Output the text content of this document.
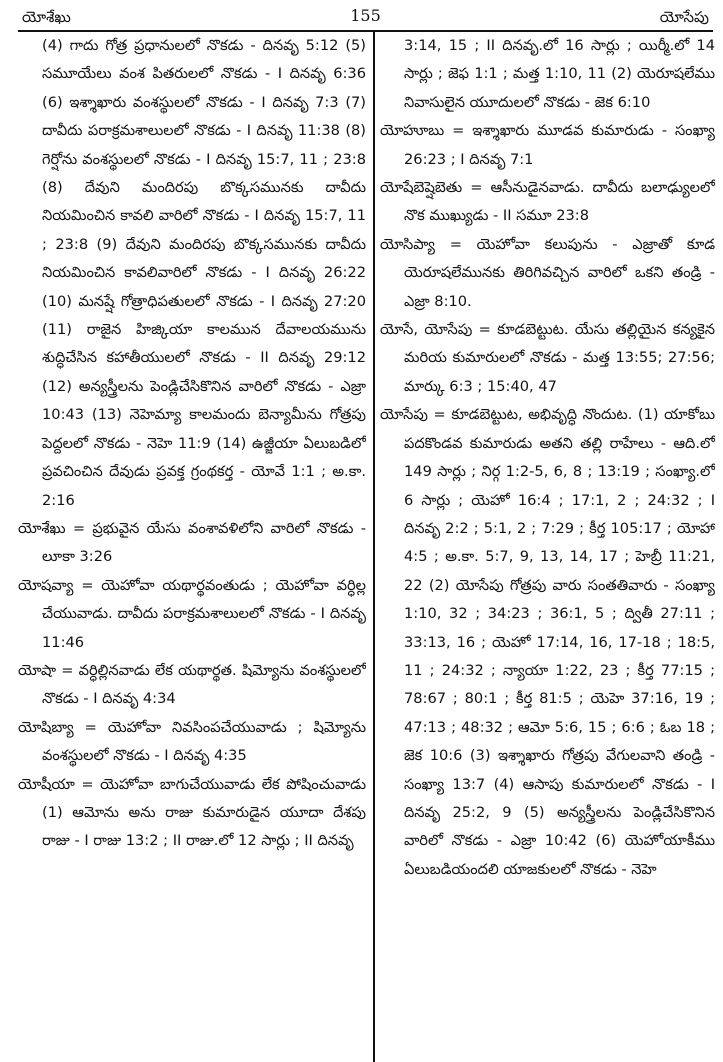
యోశేఖు	155	యోసేపు

(4) గాదు గోత్ర ప్రధానులలో నొకడు - దినవృ 5:12 (5) సమూయేలు వంశ పితరులలో నొకడు - I దినవృ 6:36 (6) ఇశ్శాఖారు వంశస్థులలో నొకడు - I దినవృ 7:3 (7) దావీదు పరాక్రమశాలులలో నొకడు - I దినవృ 11:38 (8) గెర్షోను వంశస్థులలో నొకడు - I దినవృ 15:7, 11 ; 23:8 (8) దేవుని మందిరపు బొక్కసమునకు దావీదు నియమించిన కావలి వారిలో నొకడు - I దినవృ 15:7, 11 ; 23:8 (9) దేవుని మందిరపు బొక్కసమునకు దావీదు నియమించిన కావలివారిలో నొకడు - I దినవృ 26:22 (10) మనష్షే గోత్రాధిపతులలో నొకడు - I దినవృ 27:20 (11) రాజైన హిజ్కియా కాలమున దేవాలయమును శుద్ధిచేసిన కహాతీయులలో నొకడు - II దినవృ 29:12 (12) అన్యస్త్రీలను పెండ్లిచేసికొనిన వారిలో నొకడు - ఎజ్రా 10:43 (13) నెహెమ్యా కాలమందు బెన్యామీను గోత్రపు పెద్దలలో నొకడు - నెహె 11:9 (14) ఉజ్జీయా ఏలుబడిలో ప్రవచించిన దేవుడు ప్రవక్త గ్రంథకర్త - యోవే 1:1 ; అ.కా. 2:16

యోశేఖు = ప్రభువైన యేసు వంశావళిలోని వారిలో నొకడు - లూకా 3:26

యోషవ్యా = యెహోవా యథార్థవంతుడు ; యెహోవా వర్ధిల్ల చేయువాడు. దావీదు పరాక్రమశాలులలో నొకడు - I దినవృ 11:46

యోషా = వర్ధిల్లినవాడు లేక యథార్థత. షిమ్యోను వంశస్థులలో నొకడు - I దినవృ 4:34

యోషిబ్యా = యెహోవా నివసింపచేయువాడు ; షిమ్యోను వంశస్థులలో నొకడు - I దినవృ 4:35

యోషీయా = యెహోవా బాగుచేయువాడు లేక పోషించువాడు (1) ఆమోను అను రాజు కుమారుడైన యూదా దేశపు రాజు - I రాజు 13:2 ; II రాజు.లో 12 సార్లు ; II దినవృ

3:14, 15 ; II దినవృ.లో 16 సార్లు ; యిర్మీ.లో 14 సార్లు ; జెఫ 1:1 ; మత్త 1:10, 11 (2) యెరూషలేము నివాసులైన యూదులలో నొకడు - జెక 6:10

యోహూబు = ఇశ్శాఖారు మూడవ కుమారుడు - సంఖ్యా 26:23 ; I దినవృ 7:1

యోషేబెష్షెబెతు = ఆసీనుడైనవాడు. దావీదు బలాఢ్యులలో నొక ముఖ్యుడు - II సమూ 23:8

యోసిప్యా = యెహోవా కలుపును - ఎజ్రాతో కూడ యెరూషలేమునకు తిరిగివచ్చిన వారిలో ఒకని తండ్రి - ఎజ్రా 8:10.

యోసే, యోసేపు = కూడబెట్టుట. యేసు తల్లియైన కన్యకైన మరియ కుమారులలో నొకడు - మత్త 13:55; 27:56; మార్కు 6:3 ; 15:40, 47

యోసేపు = కూడబెట్టుట, అభివృద్ధి నొందుట. (1) యాకోబు పదకొండవ కుమారుడు అతని తల్లి రాహేలు - ఆది.లో 149 సార్లు ; నిర్గ 1:2-5, 6, 8 ; 13:19 ; సంఖ్యా.లో 6 సార్లు ; యెహో 16:4 ; 17:1, 2 ; 24:32 ; I దినవృ 2:2 ; 5:1, 2 ; 7:29 ; కీర్త 105:17 ; యోహా 4:5 ; అ.కా. 5:7, 9, 13, 14, 17 ; హెబ్రీ 11:21, 22 (2) యోసేపు గోత్రపు వారు సంతతివారు - సంఖ్యా 1:10, 32 ; 34:23 ; 36:1, 5 ; ద్వితీ 27:11 ; 33:13, 16 ; యెహో 17:14, 16, 17-18 ; 18:5, 11 ; 24:32 ; న్యాయా 1:22, 23 ; కీర్త 77:15 ; 78:67 ; 80:1 ; కీర్త 81:5 ; యెహె 37:16, 19 ; 47:13 ; 48:32 ; ఆమో 5:6, 15 ; 6:6 ; ఓబ 18 ; జెక 10:6 (3) ఇశ్శాఖారు గోత్రపు వేగులవాని తండ్రి - సంఖ్యా 13:7 (4) ఆసాపు కుమారులలో నొకడు - I దినవృ 25:2, 9 (5) అన్యస్త్రీలను పెండ్లిచేసికొనిన వారిలో నొకడు - ఎజ్రా 10:42 (6) యెహోయాకీము ఏలుబడియందలి యాజకులలో నొకడు - నెహె
